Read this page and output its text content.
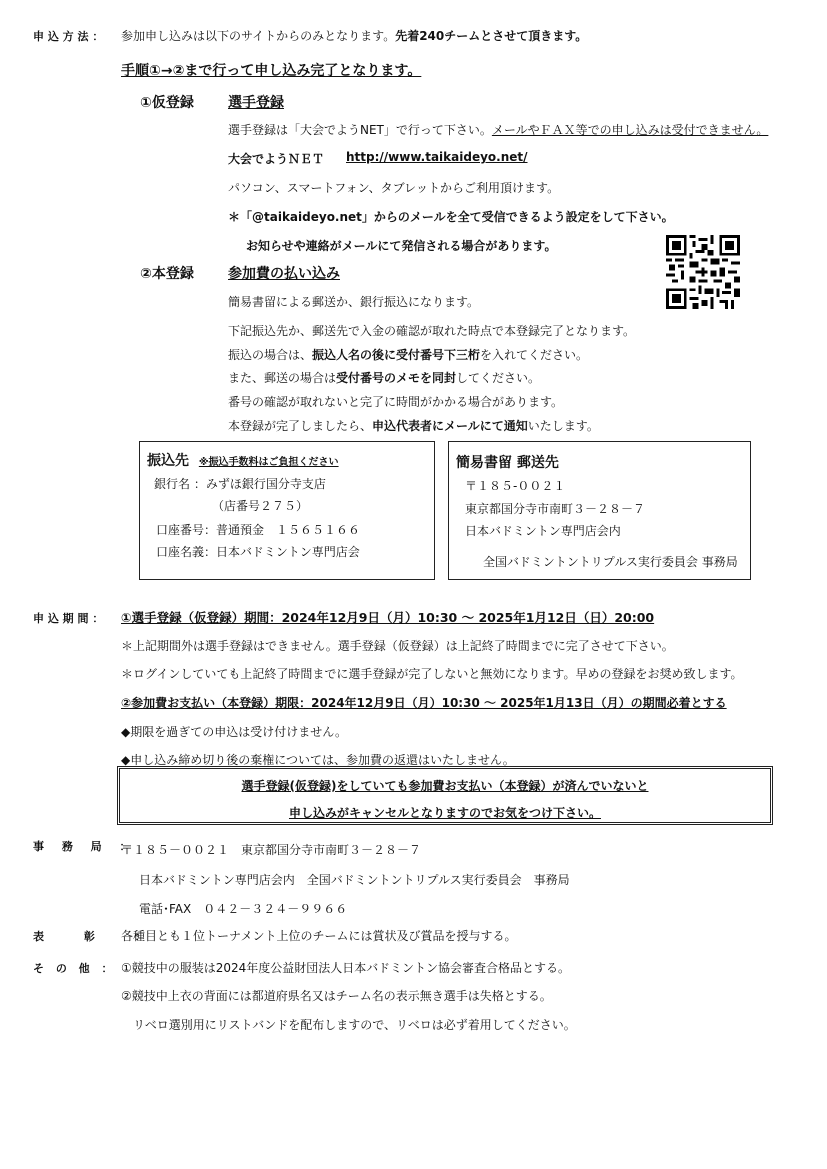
申 込 方 法 ： 参加申し込みは以下のサイトからのみとなります。先着240チームとさせて頂きます。
手順①→②まで行って申し込み完了となります。
①仮登録 選手登録
選手登録は「大会でようNET」で行って下さい。メールやＦＡＸ等での申し込みは受付できません。
大会でようＮＥＴ http://www.taikaideyo.net/
パソコン、スマートフォン、タブレットからご利用頂けます。
＊「@taikaideyo.net」からのメールを全て受信できるよう設定をして下さい。
お知らせや連絡がメールにて発信される場合があります。
②本登録 参加費の払い込み
簡易書留による郵送か、銀行振込になります。
下記振込先か、郵送先で入金の確認が取れた時点で本登録完了となります。
振込の場合は、振込人名の後に受付番号下三桁を入れてください。
また、郵送の場合は受付番号のメモを同封してください。
番号の確認が取れないと完了に時間がかかる場合があります。
本登録が完了しましたら、申込代表者にメールにて通知いたします。
振込先 ※振込手数料はご負担ください
銀行名 ：みずほ銀行国分寺支店
（店番号２７５）
口座番号：普通預金　１５６５１６６
口座名義：日本バドミントン専門店会
簡易書留 郵送先
〒１８５-００２１
東京都国分寺市南町３－２８－７
日本バドミントン専門店会内
全国バドミントントリプルス実行委員会 事務局
申 込 期 間 ： ①選手登録（仮登録）期間：2024年12月9日（月）10:30 ～ 2025年1月12日（日）20:00
＊上記期間外は選手登録はできません。選手登録（仮登録）は上記終了時間までに完了させて下さい。
＊ログインしていても上記終了時間までに選手登録が完了しないと無効になります。早めの登録をお奨め致します。
②参加費お支払い（本登録）期限：2024年12月9日（月）10:30 ～ 2025年1月13日（月）の期間必着とする
◆期限を過ぎての申込は受け付けません。
◆申し込み締め切り後の棄権については、参加費の返還はいたしません。
選手登録(仮登録)をしていても参加費お支払い（本登録）が済んでいないと
申し込みがキャンセルとなりますのでお気をつけ下さい。
事 務 局 ：
〒１８５－００２１　東京都国分寺市南町３－２８－７
日本バドミントン専門店会内　全国バドミントントリプルス実行委員会　事務局
電話･FAX　０４２－３２４－９９６６
表 彰 ：
各種目とも１位トーナメント上位のチームには賞状及び賞品を授与する。
そ の 他 ： ①競技中の服装は2024年度公益財団法人日本バドミントン協会審査合格品とする。
②競技中上衣の背面には都道府県名又はチーム名の表示無き選手は失格とする。
リベロ選別用にリストバンドを配布しますので、リベロは必ず着用してください。
